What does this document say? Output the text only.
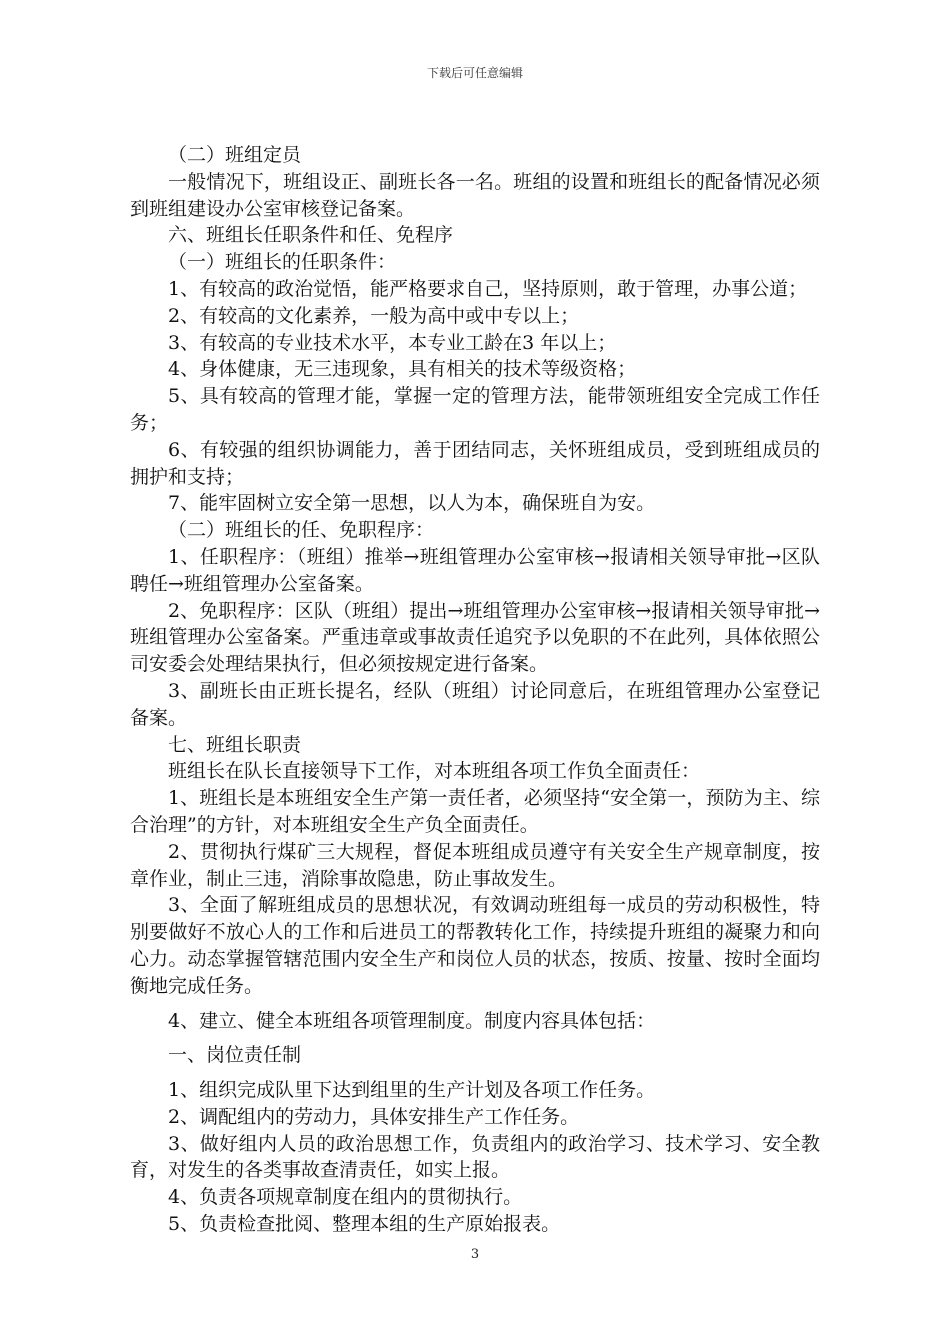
下载后可任意编辑

（二）班组定员

一般情况下，班组设正、副班长各一名。班组的设置和班组长的配备情况必须到班组建设办公室审核登记备案。

六、班组长任职条件和任、免程序

（一）班组长的任职条件：

1、有较高的政治觉悟，能严格要求自己，坚持原则，敢于管理，办事公道；

2、有较高的文化素养，一般为高中或中专以上；

3、有较高的专业技术水平，本专业工龄在3 年以上；

4、身体健康，无三违现象，具有相关的技术等级资格；

5、具有较高的管理才能，掌握一定的管理方法，能带领班组安全完成工作任务；

6、有较强的组织协调能力，善于团结同志，关怀班组成员，受到班组成员的拥护和支持；

7、能牢固树立安全第一思想，以人为本，确保班自为安。

（二）班组长的任、免职程序：

1、任职程序：（班组）推举→班组管理办公室审核→报请相关领导审批→区队聘任→班组管理办公室备案。

2、免职程序：区队（班组）提出→班组管理办公室审核→报请相关领导审批→班组管理办公室备案。严重违章或事故责任追究予以免职的不在此列，具体依照公司安委会处理结果执行，但必须按规定进行备案。

3、副班长由正班长提名，经队（班组）讨论同意后，在班组管理办公室登记备案。

七、班组长职责

班组长在队长直接领导下工作，对本班组各项工作负全面责任：

1、班组长是本班组安全生产第一责任者，必须坚持“安全第一，预防为主、综合治理”的方针，对本班组安全生产负全面责任。

2、贯彻执行煤矿三大规程，督促本班组成员遵守有关安全生产规章制度，按章作业，制止三违，消除事故隐患，防止事故发生。

3、全面了解班组成员的思想状况，有效调动班组每一成员的劳动积极性，特别要做好不放心人的工作和后进员工的帮教转化工作，持续提升班组的凝聚力和向心力。动态掌握管辖范围内安全生产和岗位人员的状态，按质、按量、按时全面均衡地完成任务。

4、建立、健全本班组各项管理制度。制度内容具体包括：

一、岗位责任制

1、组织完成队里下达到组里的生产计划及各项工作任务。

2、调配组内的劳动力，具体安排生产工作任务。

3、做好组内人员的政治思想工作，负责组内的政治学习、技术学习、安全教育，对发生的各类事故查清责任，如实上报。

4、负责各项规章制度在组内的贯彻执行。

5、负责检查批阅、整理本组的生产原始报表。

3
